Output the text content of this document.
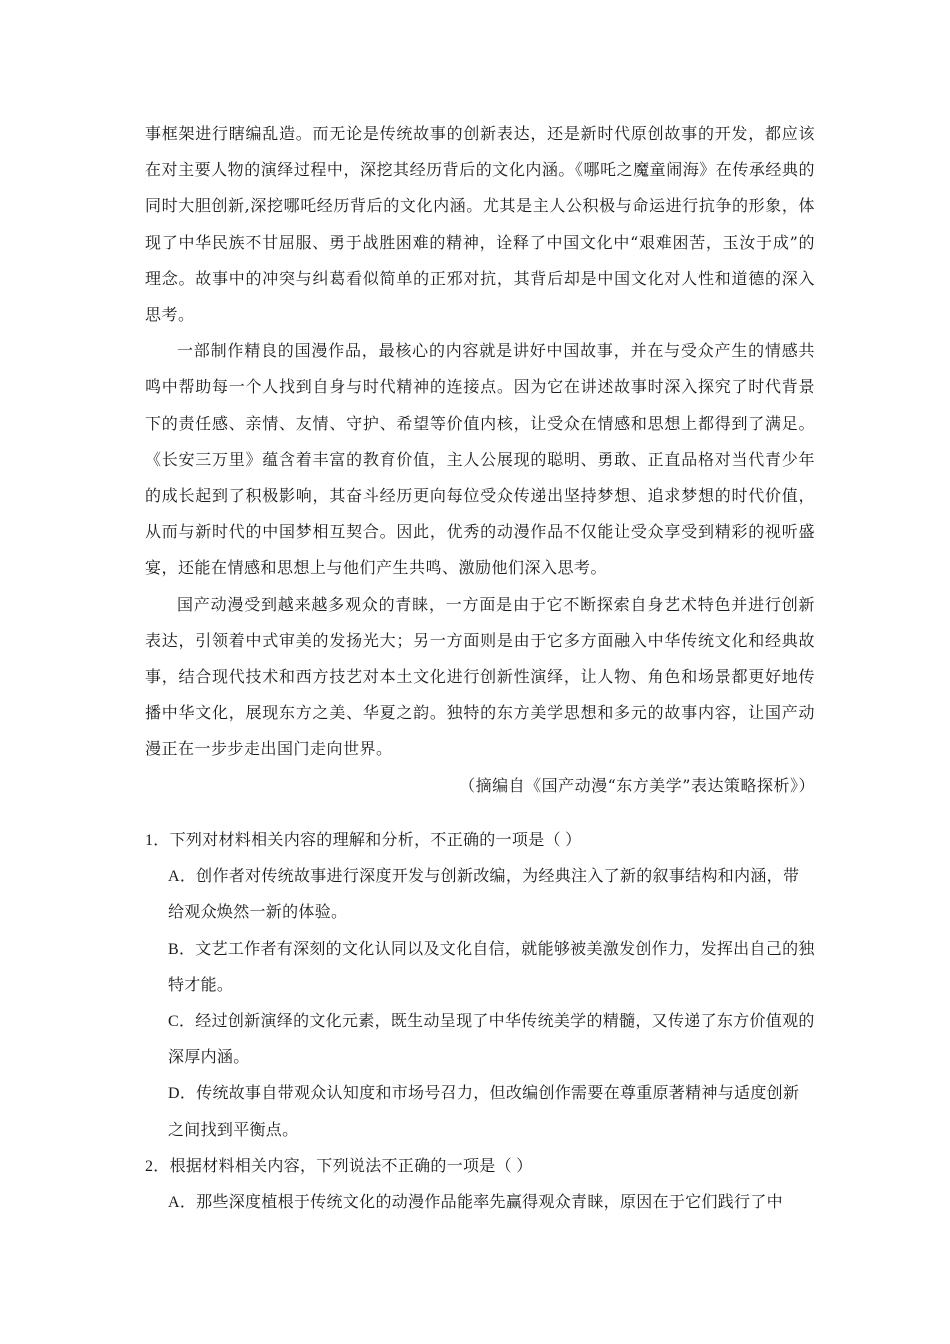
事框架进行瞎编乱造。而无论是传统故事的创新表达，还是新时代原创故事的开发，都应该在对主要人物的演绎过程中，深挖其经历背后的文化内涵。《哪吒之魔童闹海》在传承经典的同时大胆创新,深挖哪吒经历背后的文化内涵。尤其是主人公积极与命运进行抗争的形象，体现了中华民族不甘屈服、勇于战胜困难的精神，诠释了中国文化中“艰难困苦，玉汝于成”的理念。故事中的冲突与纠葛看似简单的正邪对抗，其背后却是中国文化对人性和道德的深入思考。

一部制作精良的国漫作品，最核心的内容就是讲好中国故事，并在与受众产生的情感共鸣中帮助每一个人找到自身与时代精神的连接点。因为它在讲述故事时深入探究了时代背景下的责任感、亲情、友情、守护、希望等价值内核，让受众在情感和思想上都得到了满足。《长安三万里》蕴含着丰富的教育价值，主人公展现的聪明、勇敢、正直品格对当代青少年的成长起到了积极影响，其奋斗经历更向每位受众传递出坚持梦想、追求梦想的时代价值，从而与新时代的中国梦相互契合。因此，优秀的动漫作品不仅能让受众享受到精彩的视听盛宴，还能在情感和思想上与他们产生共鸣、激励他们深入思考。

国产动漫受到越来越多观众的青睐，一方面是由于它不断探索自身艺术特色并进行创新表达，引领着中式审美的发扬光大；另一方面则是由于它多方面融入中华传统文化和经典故事，结合现代技术和西方技艺对本土文化进行创新性演绎，让人物、角色和场景都更好地传播中华文化，展现东方之美、华夏之韵。独特的东方美学思想和多元的故事内容，让国产动漫正在一步步走出国门走向世界。

（摘编自《国产动漫“东方美学”表达策略探析》）

1．下列对材料相关内容的理解和分析，不正确的一项是（ ）

A．创作者对传统故事进行深度开发与创新改编，为经典注入了新的叙事结构和内涵，带给观众焕然一新的体验。

B．文艺工作者有深刻的文化认同以及文化自信，就能够被美激发创作力，发挥出自己的独特才能。

C．经过创新演绎的文化元素，既生动呈现了中华传统美学的精髓，又传递了东方价值观的深厚内涵。

D．传统故事自带观众认知度和市场号召力，但改编创作需要在尊重原著精神与适度创新之间找到平衡点。

2．根据材料相关内容，下列说法不正确的一项是（ ）

A．那些深度植根于传统文化的动漫作品能率先赢得观众青睐，原因在于它们践行了中
